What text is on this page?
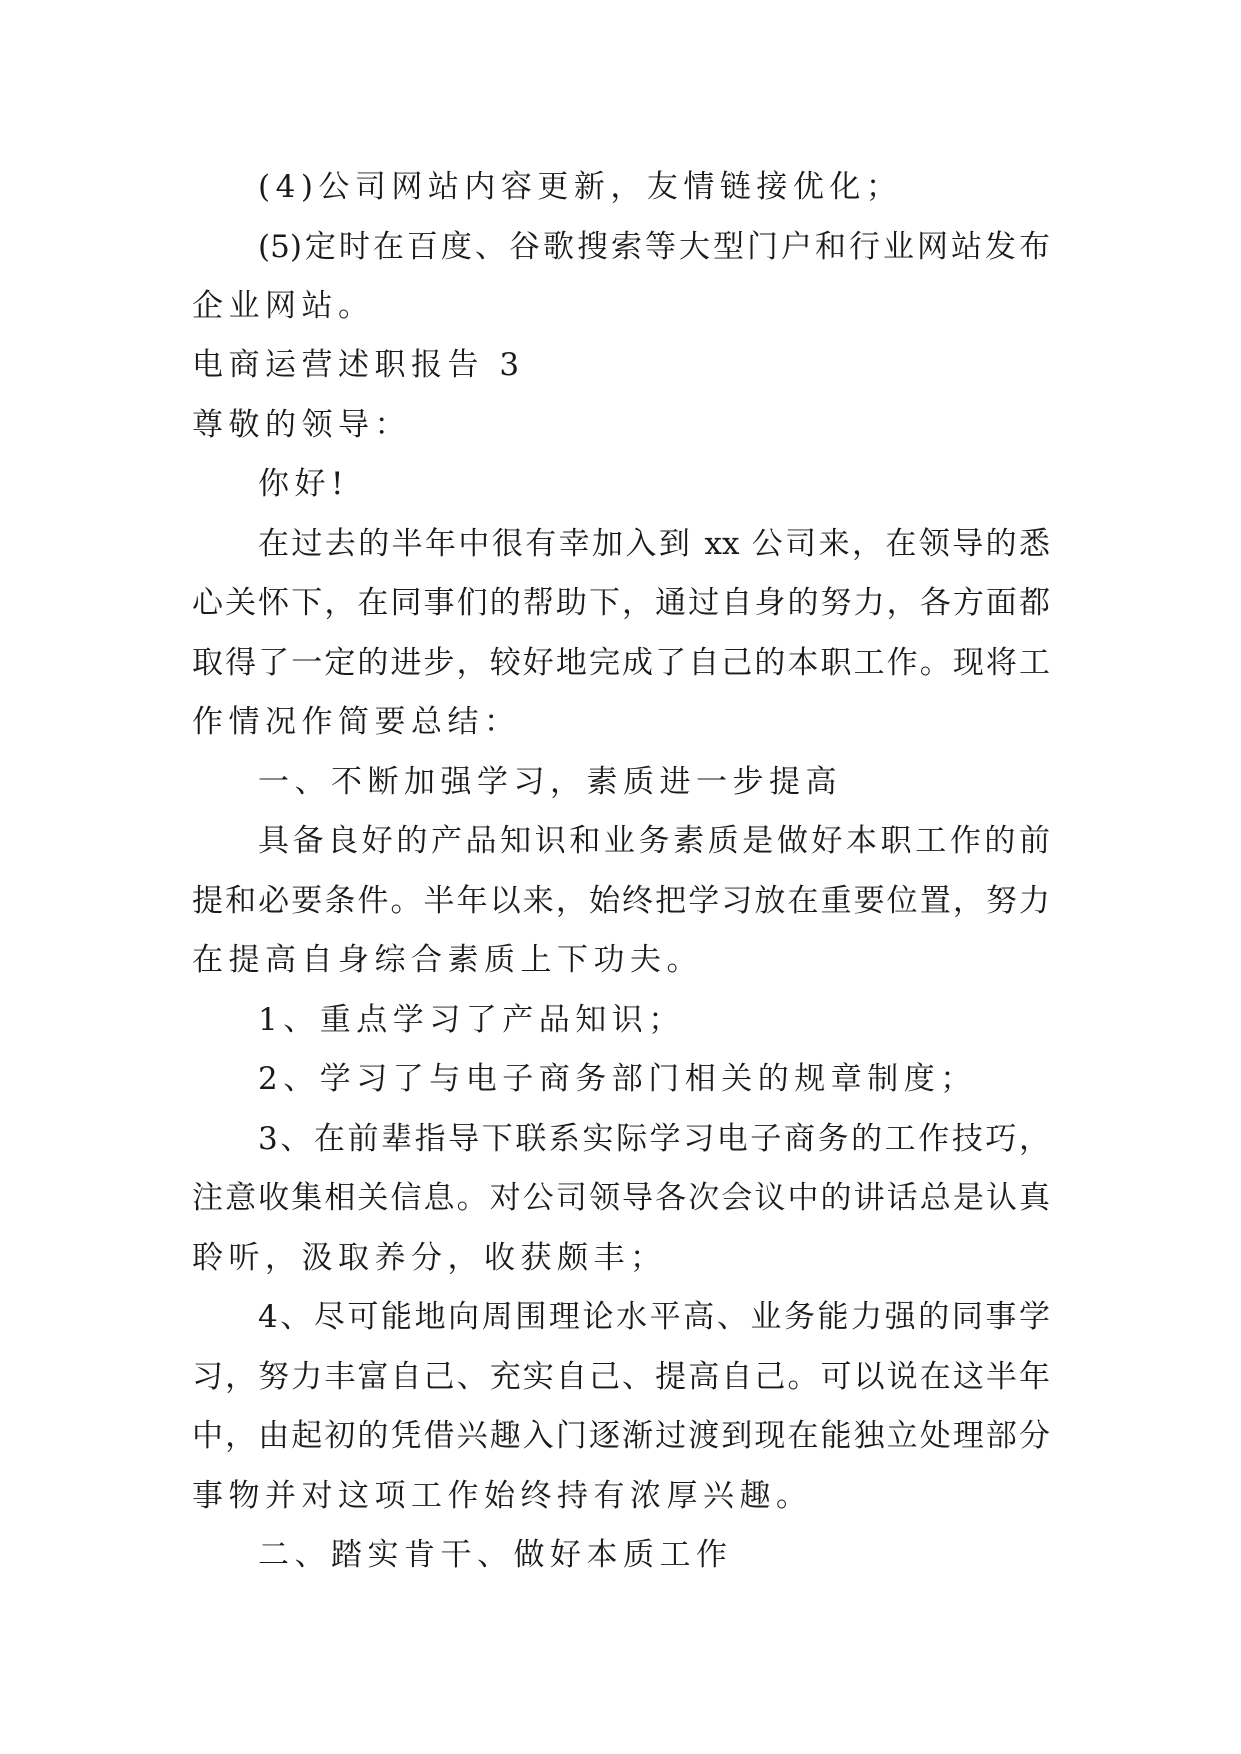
(4)公司网站内容更新，友情链接优化；
(5)定时在百度、谷歌搜索等大型门户和行业网站发布
企业网站。
电商运营述职报告 3
尊敬的领导：
你好!
在过去的半年中很有幸加入到 xx 公司来，在领导的悉
心关怀下，在同事们的帮助下，通过自身的努力，各方面都
取得了一定的进步，较好地完成了自己的本职工作。现将工
作情况作简要总结：
一、不断加强学习，素质进一步提高
具备良好的产品知识和业务素质是做好本职工作的前
提和必要条件。半年以来，始终把学习放在重要位置，努力
在提高自身综合素质上下功夫。
1、重点学习了产品知识；
2、学习了与电子商务部门相关的规章制度；
3、在前辈指导下联系实际学习电子商务的工作技巧，
注意收集相关信息。对公司领导各次会议中的讲话总是认真
聆听，汲取养分，收获颇丰；
4、尽可能地向周围理论水平高、业务能力强的同事学
习，努力丰富自己、充实自己、提高自己。可以说在这半年
中，由起初的凭借兴趣入门逐渐过渡到现在能独立处理部分
事物并对这项工作始终持有浓厚兴趣。
二、踏实肯干、做好本质工作
